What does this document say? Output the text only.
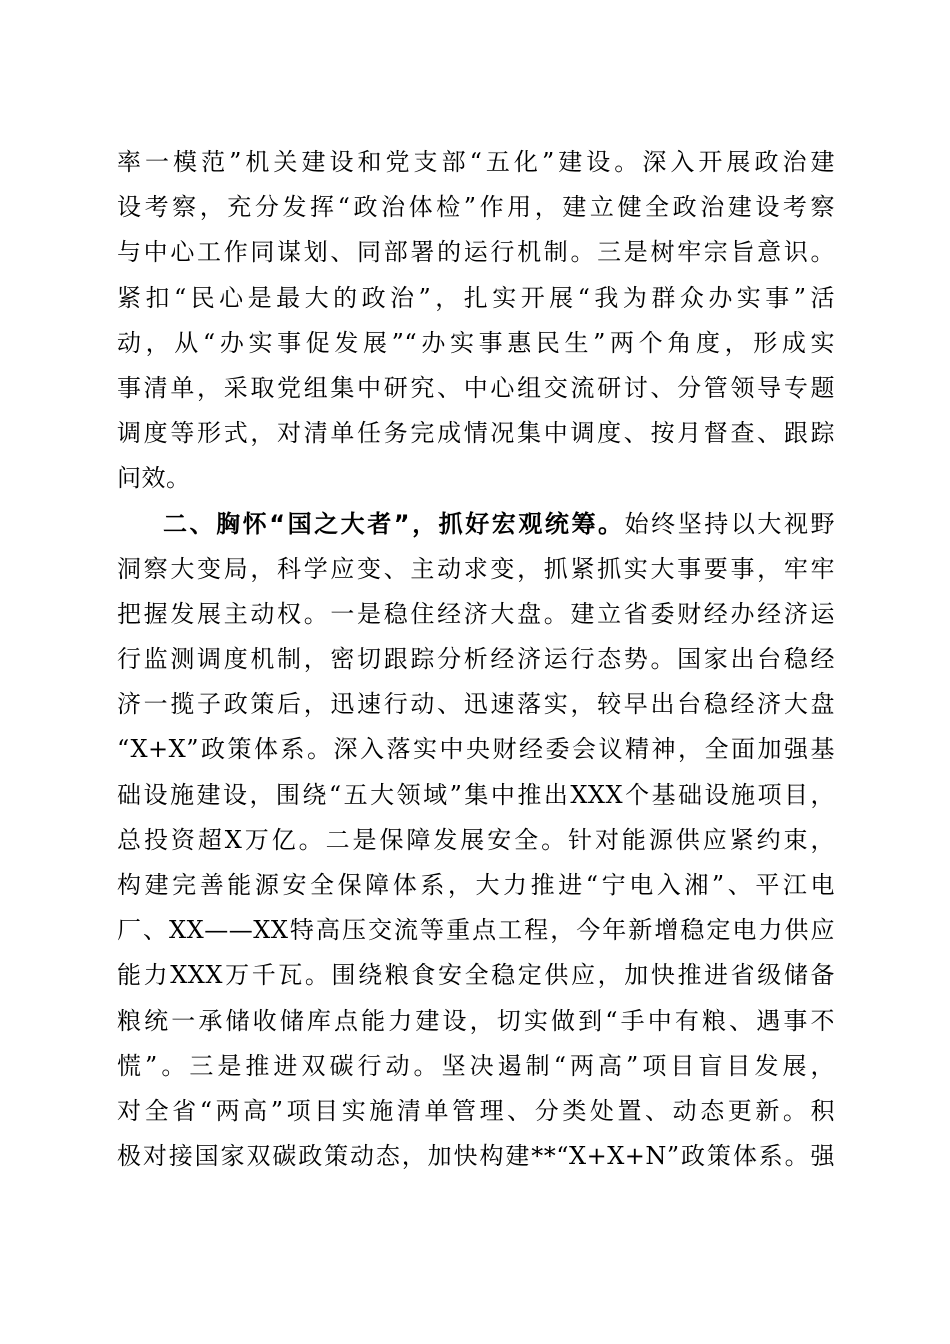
率一模范”机关建设和党支部“五化”建设。深入开展政治建
设考察，充分发挥“政治体检”作用，建立健全政治建设考察
与中心工作同谋划、同部署的运行机制。三是树牢宗旨意识。
紧扣“民心是最大的政治”，扎实开展“我为群众办实事”活
动，从“办实事促发展”“办实事惠民生”两个角度，形成实
事清单，采取党组集中研究、中心组交流研讨、分管领导专题
调度等形式，对清单任务完成情况集中调度、按月督查、跟踪
问效。
二、胸怀“国之大者”，抓好宏观统筹。始终坚持以大视野
洞察大变局，科学应变、主动求变，抓紧抓实大事要事，牢牢
把握发展主动权。一是稳住经济大盘。建立省委财经办经济运
行监测调度机制，密切跟踪分析经济运行态势。国家出台稳经
济一揽子政策后，迅速行动、迅速落实，较早出台稳经济大盘
“X+X”政策体系。深入落实中央财经委会议精神，全面加强基
础设施建设，围绕“五大领域”集中推出XXX个基础设施项目，
总投资超X万亿。二是保障发展安全。针对能源供应紧约束，
构建完善能源安全保障体系，大力推进“宁电入湘”、平江电
厂、XX——XX特高压交流等重点工程，今年新增稳定电力供应
能力XXX万千瓦。围绕粮食安全稳定供应，加快推进省级储备
粮统一承储收储库点能力建设，切实做到“手中有粮、遇事不
慌”。三是推进双碳行动。坚决遏制“两高”项目盲目发展，
对全省“两高”项目实施清单管理、分类处置、动态更新。积
极对接国家双碳政策动态，加快构建**“X+X+N”政策体系。强
